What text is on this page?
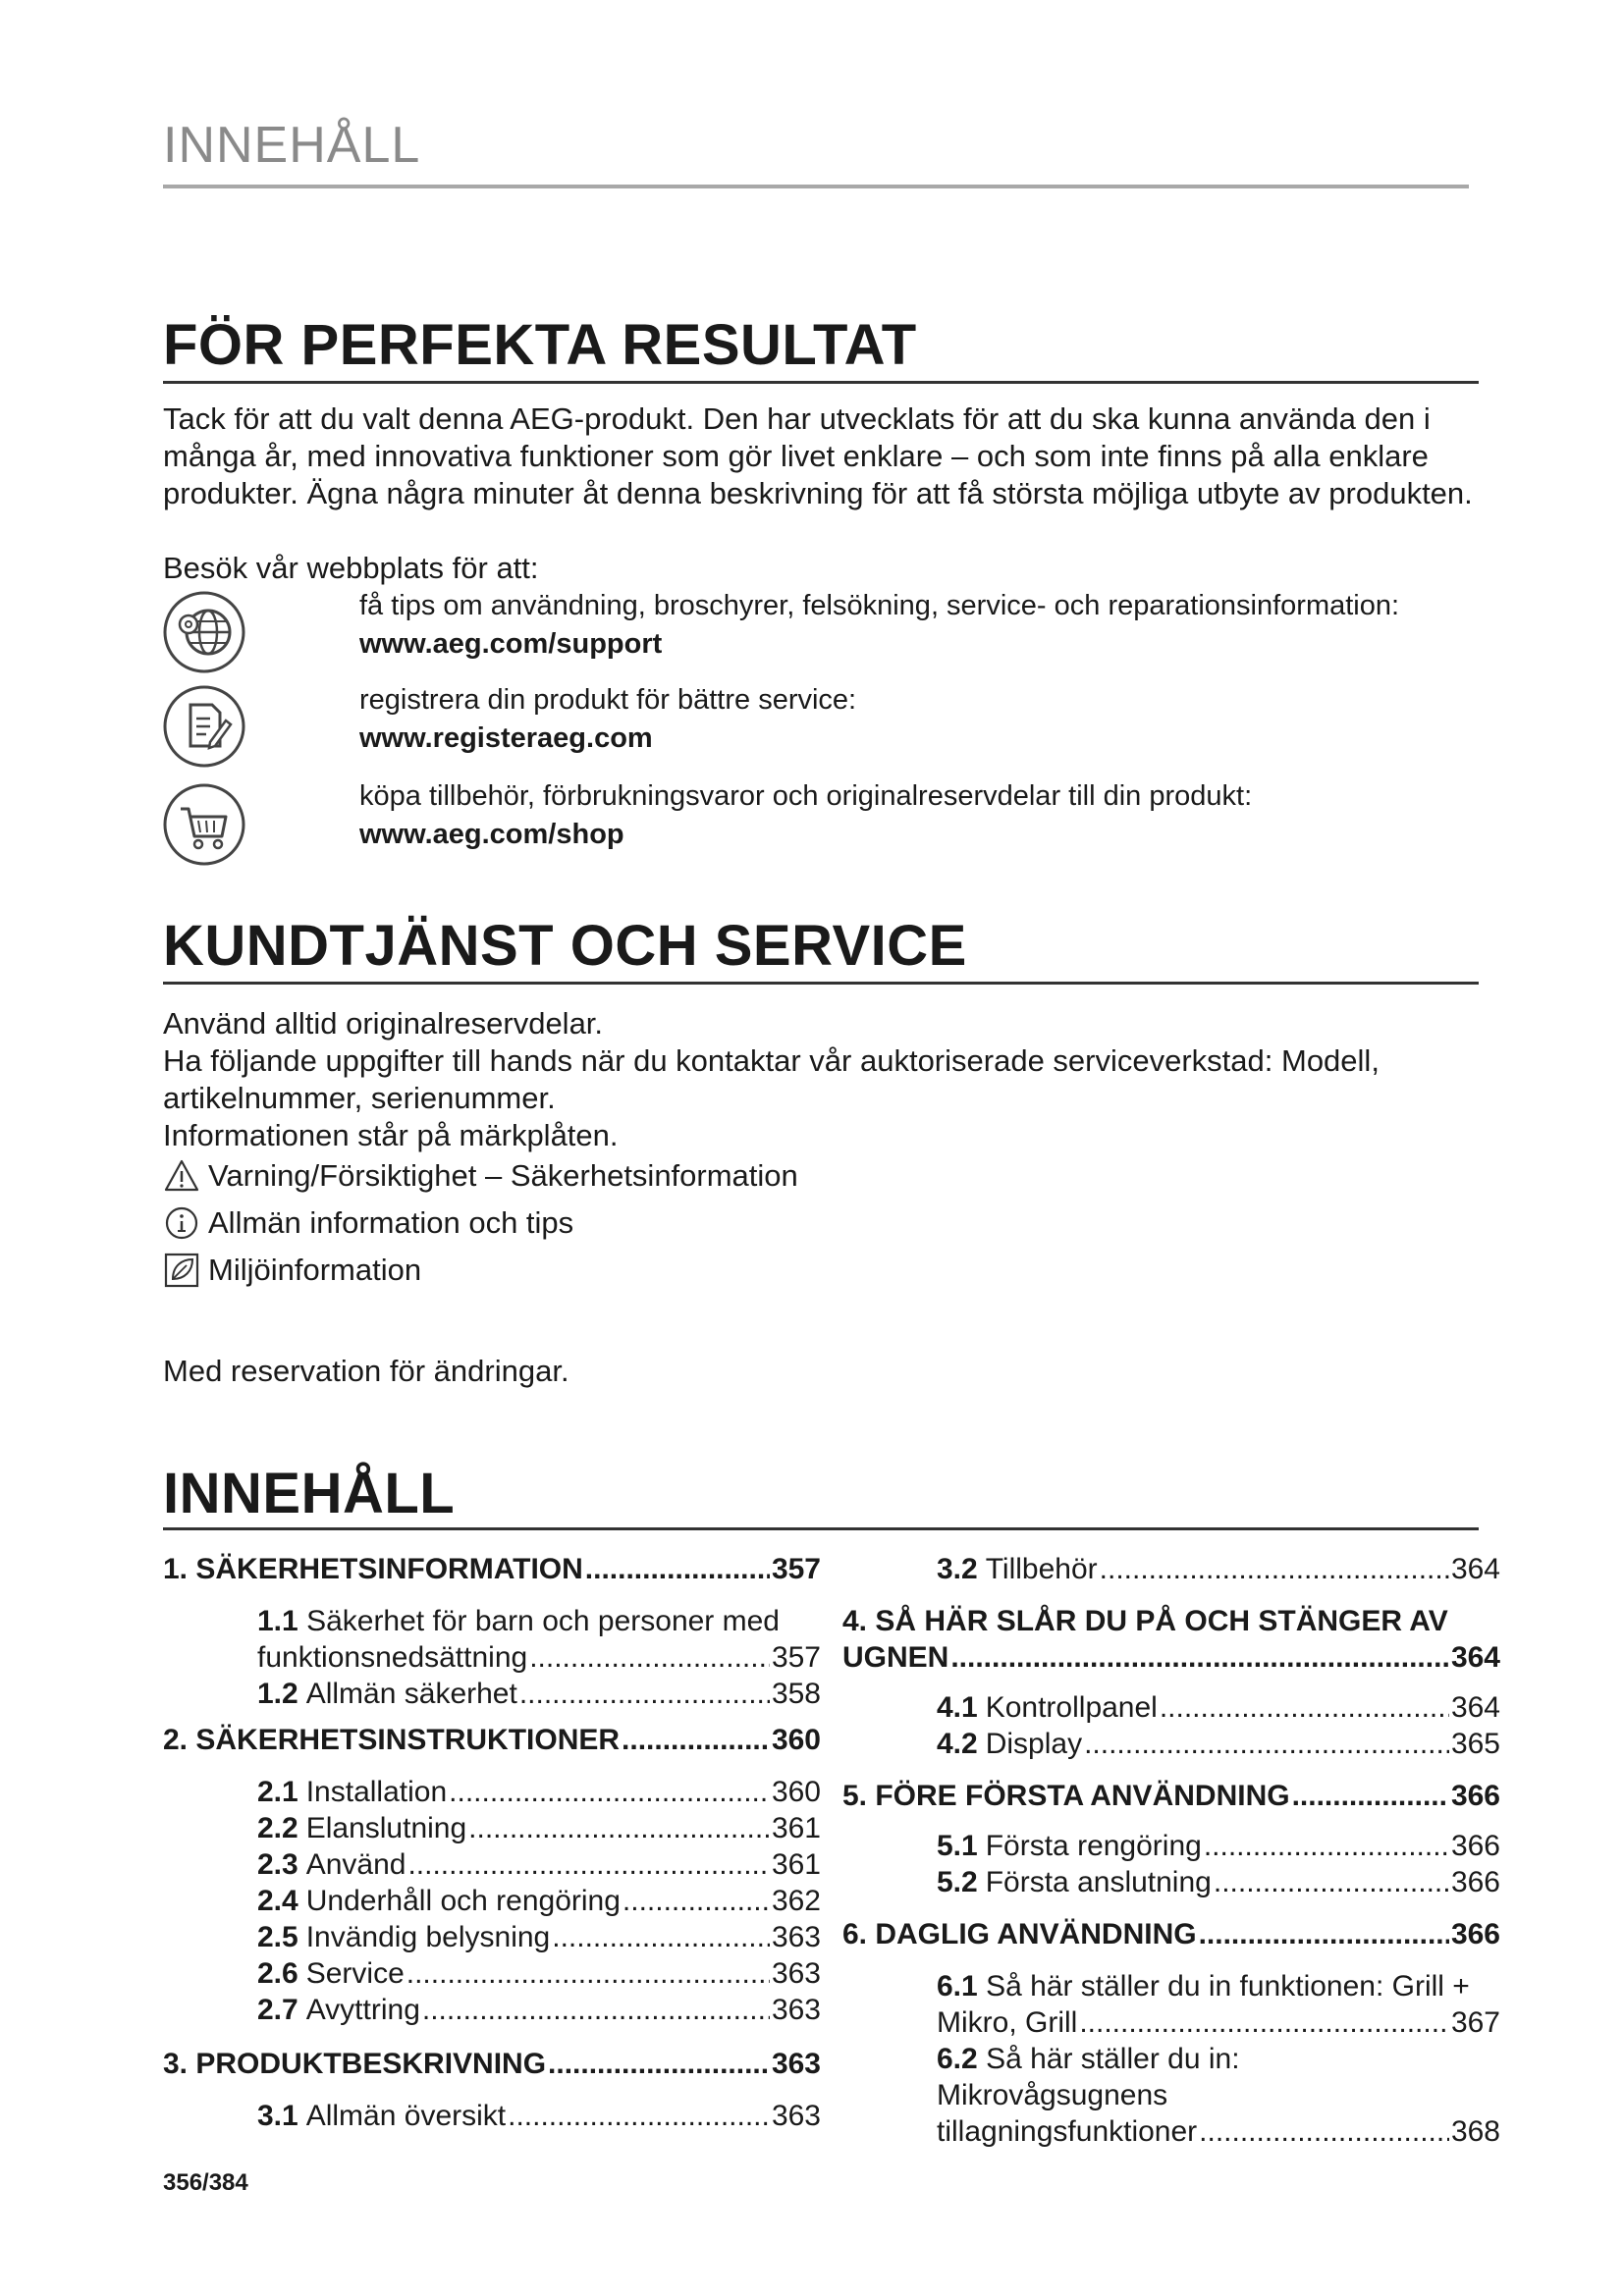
INNEHÅLL
FÖR PERFEKTA RESULTAT
Tack för att du valt denna AEG-produkt. Den har utvecklats för att du ska kunna använda den i många år, med innovativa funktioner som gör livet enklare – och som inte finns på alla enklare produkter. Ägna några minuter åt denna beskrivning för att få största möjliga utbyte av produkten.
Besök vår webbplats för att:
få tips om användning, broschyrer, felsökning, service- och reparationsinformation:
www.aeg.com/support
registrera din produkt för bättre service:
www.registeraeg.com
köpa tillbehör, förbrukningsvaror och originalreservdelar till din produkt:
www.aeg.com/shop
KUNDTJÄNST OCH SERVICE
Använd alltid originalreservdelar.
Ha följande uppgifter till hands när du kontaktar vår auktoriserade serviceverkstad: Modell, artikelnummer, serienummer.
Informationen står på märkplåten.
Varning/Försiktighet – Säkerhetsinformation
Allmän information och tips
Miljöinformation
Med reservation för ändringar.
INNEHÅLL
1. SÄKERHETSINFORMATION .....	357
1.1 Säkerhet för barn och personer med
funktionsnedsättning .....	357
1.2 Allmän säkerhet .....	358
2. SÄKERHETSINSTRUKTIONER .....	360
2.1 Installation .....	360
2.2 Elanslutning .....	361
2.3 Använd .....	361
2.4 Underhåll och rengöring .....	362
2.5 Invändig belysning .....	363
2.6 Service .....	363
2.7 Avyttring .....	363
3. PRODUKTBESKRIVNING .....	363
3.1 Allmän översikt .....	363
3.2 Tillbehör .....	364
4. SÅ HÄR SLÅR DU PÅ OCH STÄNGER AV
UGNEN .....	364
4.1 Kontrollpanel .....	364
4.2 Display .....	365
5. FÖRE FÖRSTA ANVÄNDNING .....	366
5.1 Första rengöring .....	366
5.2 Första anslutning .....	366
6. DAGLIG ANVÄNDNING .....	366
6.1 Så här ställer du in funktionen: Grill +
Mikro, Grill .....	367
6.2 Så här ställer du in:
Mikrovågsugnens
tillagningsfunktioner .....	368
356/384
